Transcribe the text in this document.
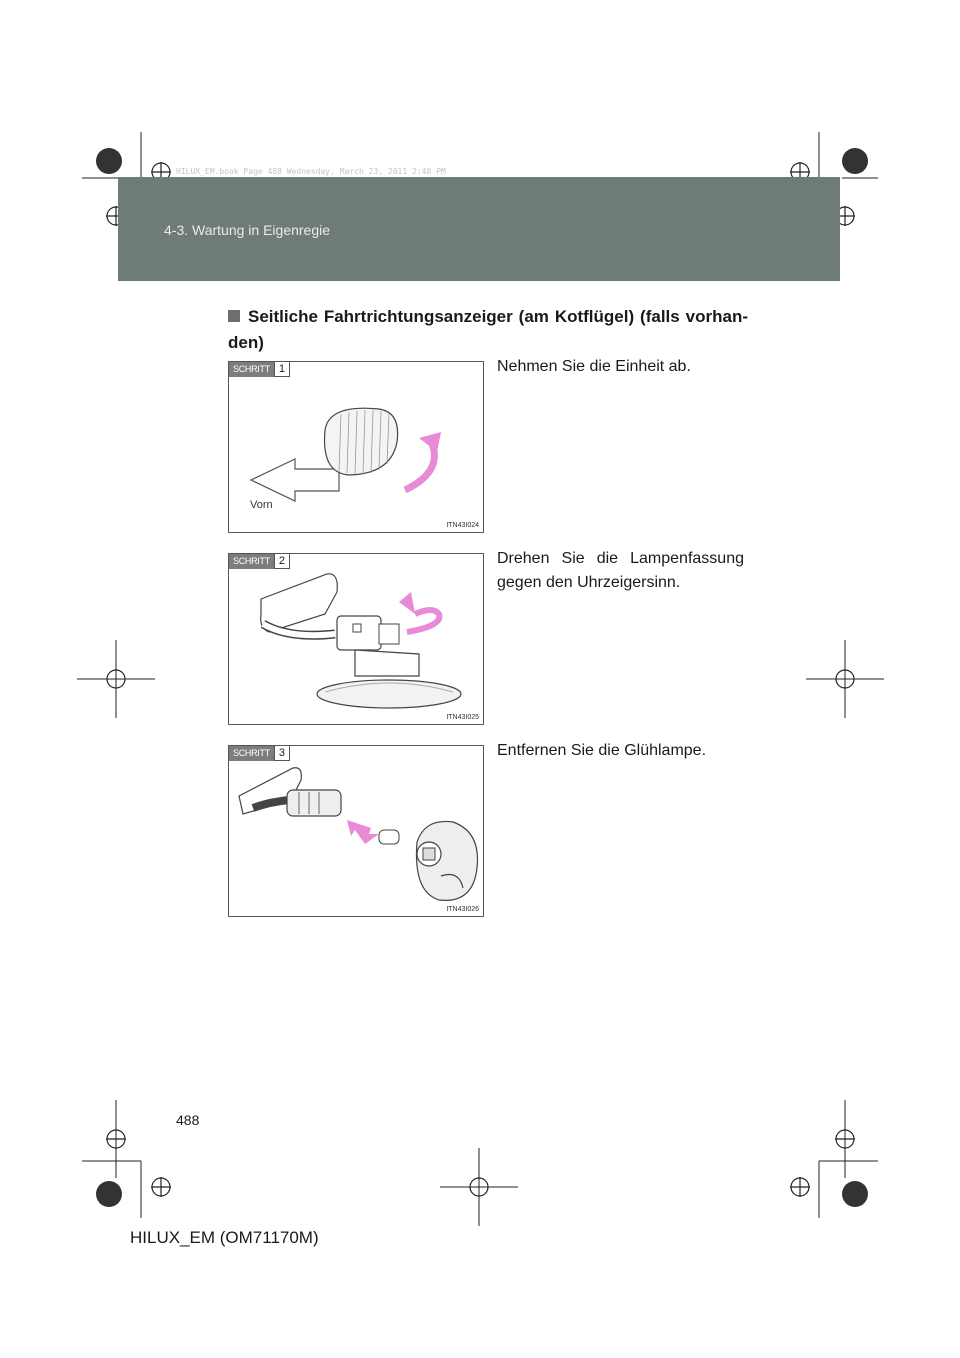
HILUX_EM.book Page 488 Wednesday, March 23, 2011 2:48 PM
4-3. Wartung in Eigenregie
Seitliche Fahrtrichtungsanzeiger (am Kotflügel) (falls vorhan-den)
SCHRITT 1
Vorn
ITN43I024
Nehmen Sie die Einheit ab.
SCHRITT 2
ITN43I025
Drehen Sie die Lampenfassung gegen den Uhrzeigersinn.
SCHRITT 3
ITN43I026
Entfernen Sie die Glühlampe.
488
HILUX_EM (OM71170M)
